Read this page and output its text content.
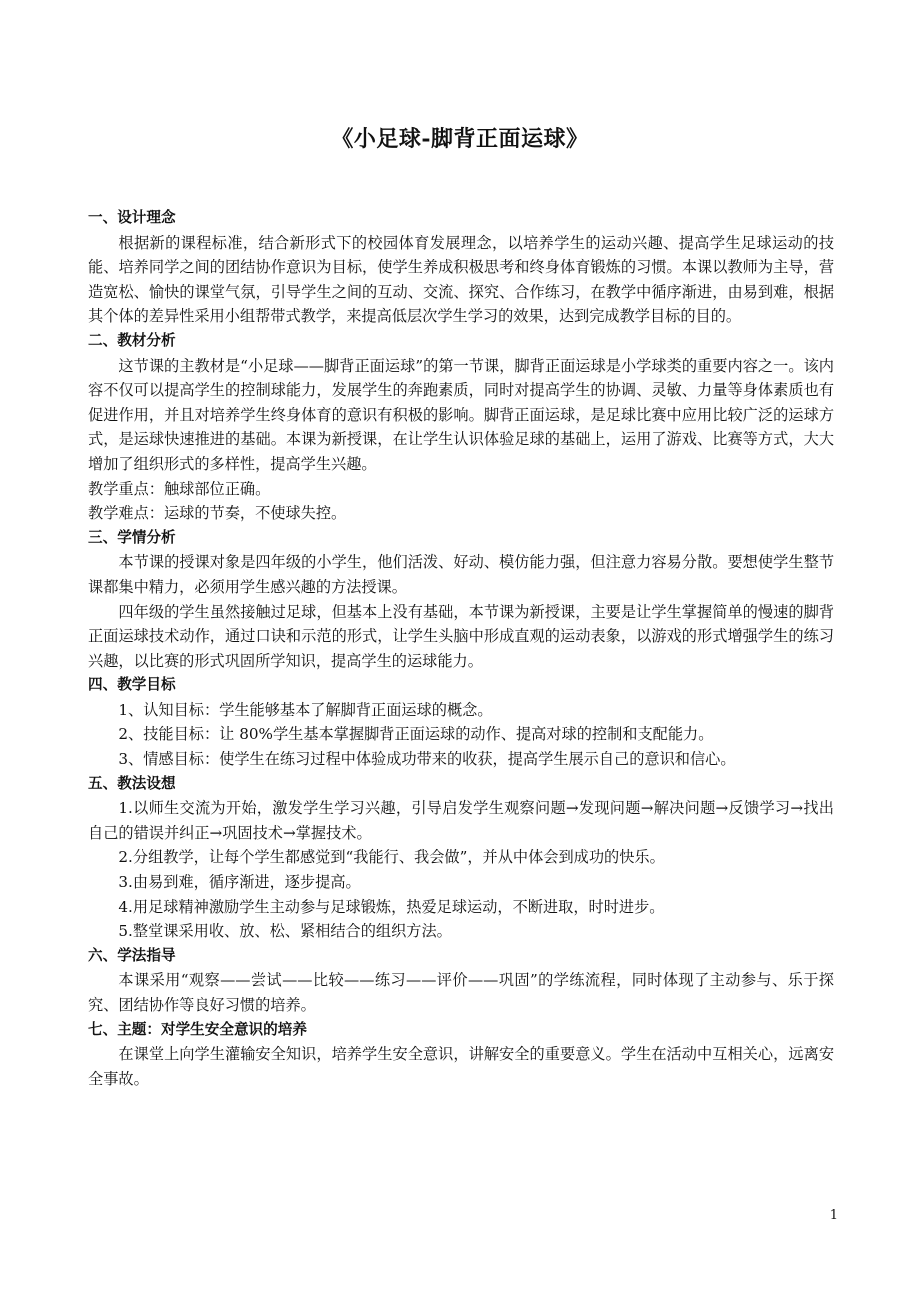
《小足球-脚背正面运球》

一、设计理念

根据新的课程标准，结合新形式下的校园体育发展理念，以培养学生的运动兴趣、提高学生足球运动的技能、培养同学之间的团结协作意识为目标，使学生养成积极思考和终身体育锻炼的习惯。本课以教师为主导，营造宽松、愉快的课堂气氛，引导学生之间的互动、交流、探究、合作练习，在教学中循序渐进，由易到难，根据其个体的差异性采用小组帮带式教学，来提高低层次学生学习的效果，达到完成教学目标的目的。

二、教材分析

这节课的主教材是“小足球——脚背正面运球”的第一节课，脚背正面运球是小学球类的重要内容之一。该内容不仅可以提高学生的控制球能力，发展学生的奔跑素质，同时对提高学生的协调、灵敏、力量等身体素质也有促进作用，并且对培养学生终身体育的意识有积极的影响。脚背正面运球，是足球比赛中应用比较广泛的运球方式，是运球快速推进的基础。本课为新授课，在让学生认识体验足球的基础上，运用了游戏、比赛等方式，大大增加了组织形式的多样性，提高学生兴趣。

教学重点：触球部位正确。

教学难点：运球的节奏，不使球失控。

三、学情分析

本节课的授课对象是四年级的小学生，他们活泼、好动、模仿能力强，但注意力容易分散。要想使学生整节课都集中精力，必须用学生感兴趣的方法授课。

四年级的学生虽然接触过足球，但基本上没有基础，本节课为新授课，主要是让学生掌握简单的慢速的脚背正面运球技术动作，通过口诀和示范的形式，让学生头脑中形成直观的运动表象，以游戏的形式增强学生的练习兴趣，以比赛的形式巩固所学知识，提高学生的运球能力。

四、教学目标

1、认知目标：学生能够基本了解脚背正面运球的概念。

2、技能目标：让 80%学生基本掌握脚背正面运球的动作、提高对球的控制和支配能力。

3、情感目标：使学生在练习过程中体验成功带来的收获，提高学生展示自己的意识和信心。

五、教法设想

1.以师生交流为开始，激发学生学习兴趣，引导启发学生观察问题→发现问题→解决问题→反馈学习→找出自己的错误并纠正→巩固技术→掌握技术。

2.分组教学，让每个学生都感觉到“我能行、我会做”，并从中体会到成功的快乐。

3.由易到难，循序渐进，逐步提高。

4.用足球精神激励学生主动参与足球锻炼，热爱足球运动，不断进取，时时进步。

5.整堂课采用收、放、松、紧相结合的组织方法。

六、学法指导

本课采用“观察——尝试——比较——练习——评价——巩固”的学练流程，同时体现了主动参与、乐于探究、团结协作等良好习惯的培养。

七、主题：对学生安全意识的培养

在课堂上向学生灌输安全知识，培养学生安全意识，讲解安全的重要意义。学生在活动中互相关心，远离安全事故。

1
